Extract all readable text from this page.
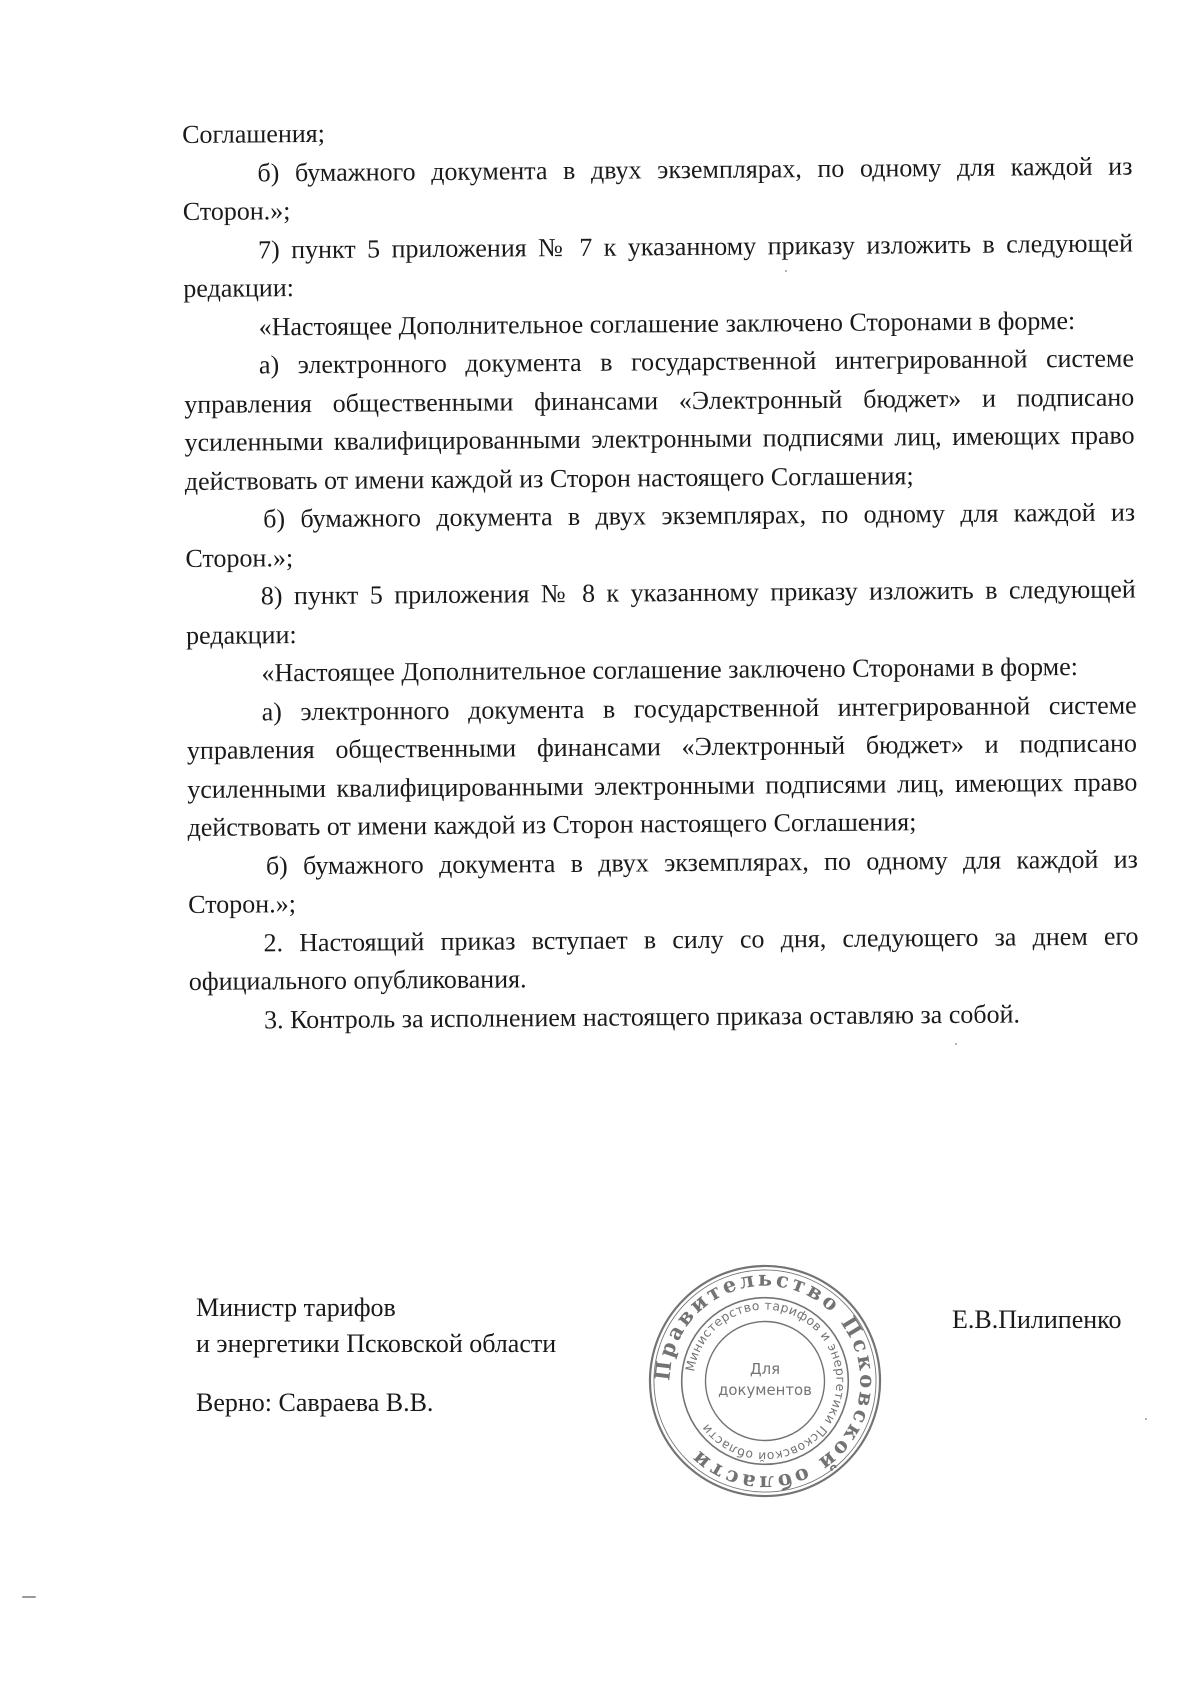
Соглашения;

б) бумажного документа в двух экземплярах, по одному для каждой из Сторон.»;

7) пункт 5 приложения № 7 к указанному приказу изложить в следующей редакции:

«Настоящее Дополнительное соглашение заключено Сторонами в форме:

а) электронного документа в государственной интегрированной системе управления общественными финансами «Электронный бюджет» и подписано усиленными квалифицированными электронными подписями лиц, имеющих право действовать от имени каждой из Сторон настоящего Соглашения;

б) бумажного документа в двух экземплярах, по одному для каждой из Сторон.»;

8) пункт 5 приложения № 8 к указанному приказу изложить в следующей редакции:

«Настоящее Дополнительное соглашение заключено Сторонами в форме:

а) электронного документа в государственной интегрированной системе управления общественными финансами «Электронный бюджет» и подписано усиленными квалифицированными электронными подписями лиц, имеющих право действовать от имени каждой из Сторон настоящего Соглашения;

б) бумажного документа в двух экземплярах, по одному для каждой из Сторон.»;

2. Настоящий приказ вступает в силу со дня, следующего за днем его официального опубликования.

3. Контроль за исполнением настоящего приказа оставляю за собой.

Министр тарифов
и энергетики Псковской области
Е.В.Пилипенко
Верно: Савраева В.В.
Правительство Псковской области
Министерство тарифов и энергетики Псковской области
Для
документов
